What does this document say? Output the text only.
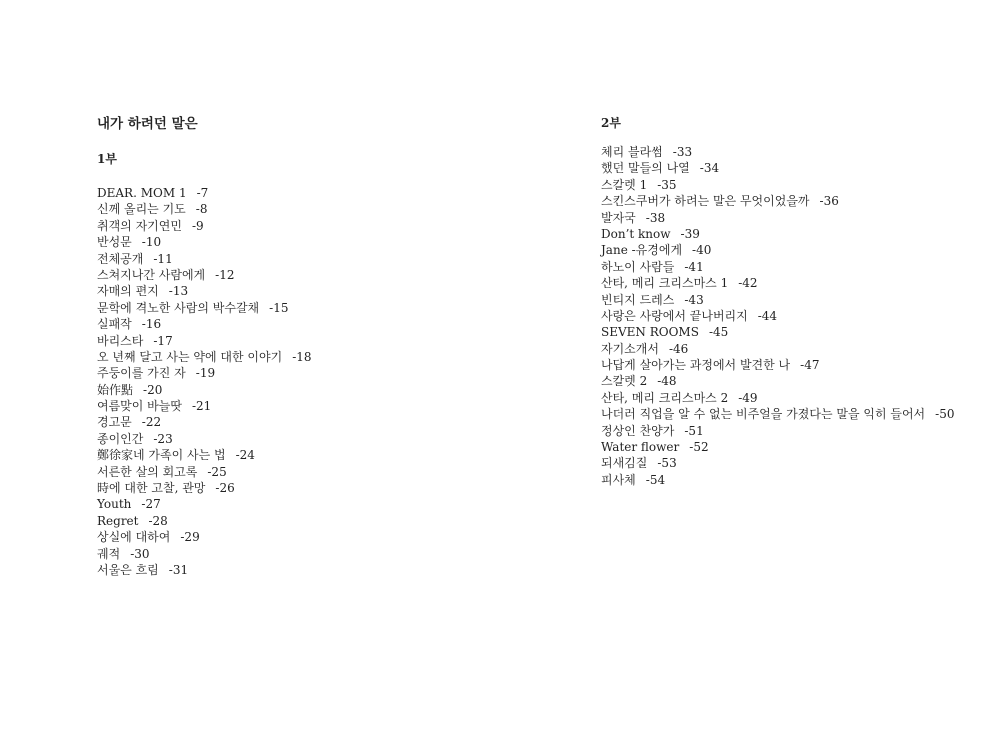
내가 하려던 말은
1부
DEAR. MOM 1 -7
신께 올리는 기도 -8
취객의 자기연민 -9
반성문 -10
전체공개 -11
스쳐지나간 사람에게 -12
자매의 편지 -13
문학에 격노한 사람의 박수갈채 -15
실패작 -16
바리스타 -17
오 년째 달고 사는 약에 대한 이야기 -18
주둥이를 가진 자 -19
始作點 -20
여름맞이 바늘땃 -21
경고문 -22
종이인간 -23
鄭徐家네 가족이 사는 법 -24
서른한 살의 회고록 -25
時에 대한 고찰, 관망 -26
Youth -27
Regret -28
상실에 대하여 -29
궤적 -30
서울은 흐림 -31
2부
체리 블라썸 -33
했던 말들의 나열 -34
스칼렛 1 -35
스킨스쿠버가 하려는 말은 무엇이었을까 -36
발자국 -38
Don’t know -39
Jane -유경에게 -40
하노이 사람들 -41
산타, 메리 크리스마스 1 -42
빈티지 드레스 -43
사랑은 사랑에서 끝나버리지 -44
SEVEN ROOMS -45
자기소개서 -46
나답게 살아가는 과정에서 발견한 나 -47
스칼렛 2 -48
산타, 메리 크리스마스 2 -49
나더러 직업을 알 수 없는 비주얼을 가졌다는 말을 익히 들어서 -50
정상인 찬양가 -51
Water flower -52
되새김질 -53
피사체 -54
